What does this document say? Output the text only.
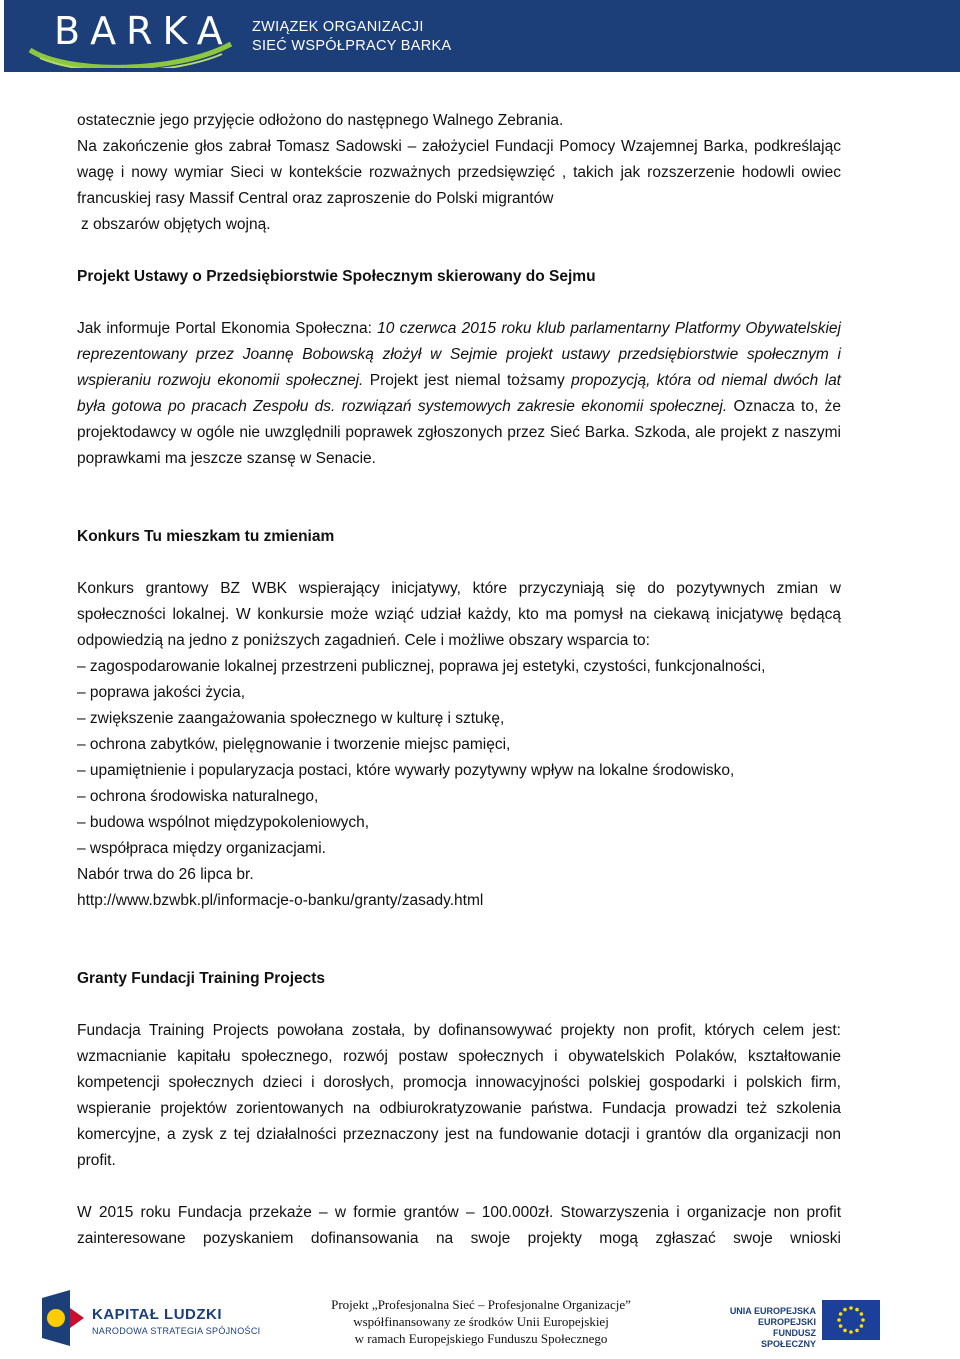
BARKA ZWIĄZEK ORGANIZACJI
SIEĆ WSPÓŁPRACY BARKA

ostatecznie jego przyjęcie odłożono do następnego Walnego Zebrania.

Na zakończenie głos zabrał Tomasz Sadowski – założyciel Fundacji Pomocy Wzajemnej Barka, podkreślając wagę i nowy wymiar Sieci w kontekście rozważnych przedsięwzięć , takich jak rozszerzenie hodowli owiec francuskiej rasy Massif Central oraz zaproszenie do Polski migrantów

z obszarów objętych wojną.

Projekt Ustawy o Przedsiębiorstwie Społecznym skierowany do Sejmu

Jak informuje Portal Ekonomia Społeczna: 10 czerwca 2015 roku klub parlamentarny Platformy Obywatelskiej reprezentowany przez Joannę Bobowską złożył w Sejmie projekt ustawy przedsiębiorstwie społecznym i wspieraniu rozwoju ekonomii społecznej. Projekt jest niemal tożsamy propozycją, która od niemal dwóch lat była gotowa po pracach Zespołu ds. rozwiązań systemowych zakresie ekonomii społecznej. Oznacza to, że projektodawcy w ogóle nie uwzględnili poprawek zgłoszonych przez Sieć Barka. Szkoda, ale projekt z naszymi poprawkami ma jeszcze szansę w Senacie.

Konkurs Tu mieszkam tu zmieniam

Konkurs grantowy BZ WBK wspierający inicjatywy, które przyczyniają się do pozytywnych zmian w społeczności lokalnej. W konkursie może wziąć udział każdy, kto ma pomysł na ciekawą inicjatywę będącą odpowiedzią na jedno z poniższych zagadnień. Cele i możliwe obszary wsparcia to:

– zagospodarowanie lokalnej przestrzeni publicznej, poprawa jej estetyki, czystości, funkcjonalności,

– poprawa jakości życia,

– zwiększenie zaangażowania społecznego w kulturę i sztukę,

– ochrona zabytków, pielęgnowanie i tworzenie miejsc pamięci,

– upamiętnienie i popularyzacja postaci, które wywarły pozytywny wpływ na lokalne środowisko,

– ochrona środowiska naturalnego,

– budowa wspólnot międzypokoleniowych,

– współpraca między organizacjami.

Nabór trwa do 26 lipca br.

http://www.bzwbk.pl/informacje-o-banku/granty/zasady.html

Granty Fundacji Training Projects

Fundacja Training Projects powołana została, by dofinansowywać projekty non profit, których celem jest: wzmacnianie kapitału społecznego, rozwój postaw społecznych i obywatelskich Polaków, kształtowanie kompetencji społecznych dzieci i dorosłych, promocja innowacyjności polskiej gospodarki i polskich firm, wspieranie projektów zorientowanych na odbiurokratyzowanie państwa. Fundacja prowadzi też szkolenia komercyjne, a zysk z tej działalności przeznaczony jest na fundowanie dotacji i grantów dla organizacji non profit.

W 2015 roku Fundacja przekaże – w formie grantów – 100.000zł. Stowarzyszenia i organizacje non profit zainteresowane pozyskaniem dofinansowania na swoje projekty mogą zgłaszać swoje wnioski

KAPITAŁ LUDZKI
NARODOWA STRATEGIA SPÓJNOŚCI
Projekt „Profesjonalna Sieć – Profesjonalne Organizacje”
współfinansowany ze środków Unii Europejskiej
w ramach Europejskiego Funduszu Społecznego
UNIA EUROPEJSKA
EUROPEJSKI
FUNDUSZ SPOŁECZNY
